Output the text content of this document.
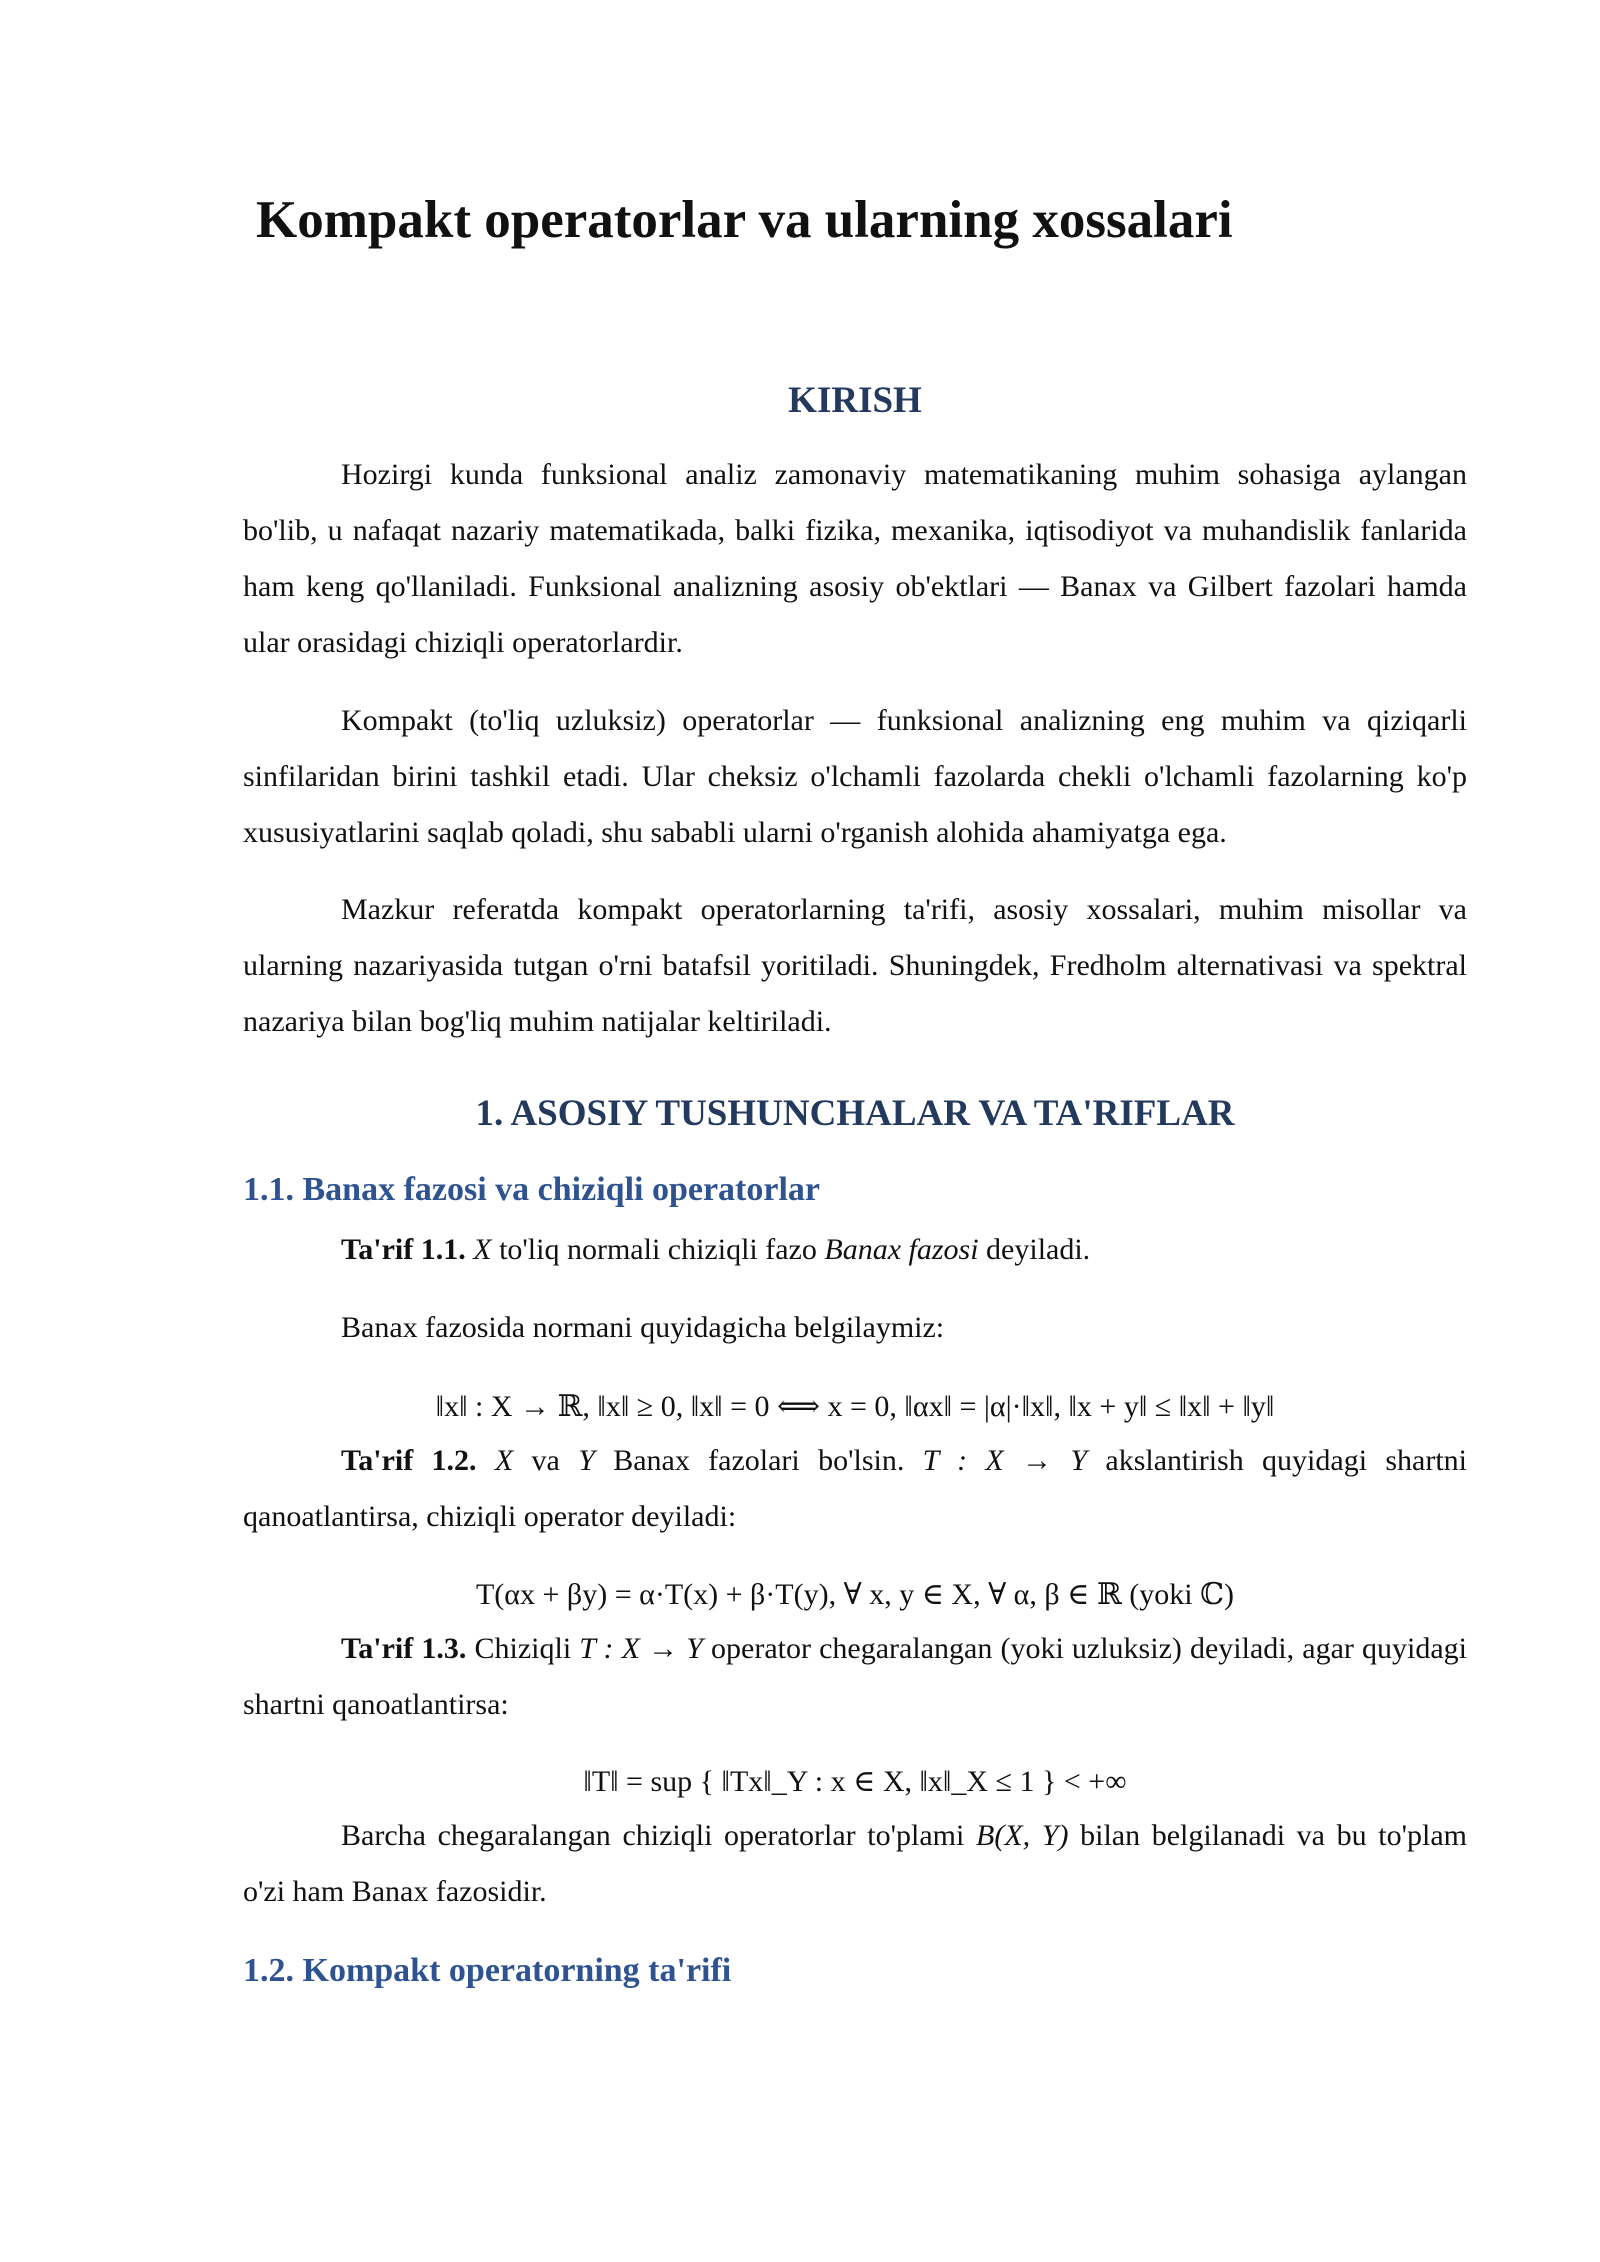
Kompakt operatorlar va ularning xossalari
KIRISH

Hozirgi kunda funksional analiz zamonaviy matematikaning muhim sohasiga aylangan bo'lib, u nafaqat nazariy matematikada, balki fizika, mexanika, iqtisodiyot va muhandislik fanlarida ham keng qo'llaniladi. Funksional analizning asosiy ob'ektlari — Banax va Gilbert fazolari hamda ular orasidagi chiziqli operatorlardir.

Kompakt (to'liq uzluksiz) operatorlar — funksional analizning eng muhim va qiziqarli sinfilaridan birini tashkil etadi. Ular cheksiz o'lchamli fazolarda chekli o'lchamli fazolarning ko'p xususiyatlarini saqlab qoladi, shu sababli ularni o'rganish alohida ahamiyatga ega.

Mazkur referatda kompakt operatorlarning ta'rifi, asosiy xossalari, muhim misollar va ularning nazariyasida tutgan o'rni batafsil yoritiladi. Shuningdek, Fredholm alternativasi va spektral nazariya bilan bog'liq muhim natijalar keltiriladi.

1. ASOSIY TUSHUNCHALAR VA TA'RIFLAR
1.1. Banax fazosi va chiziqli operatorlar

Ta'rif 1.1. X to'liq normali chiziqli fazo Banax fazosi deyiladi.

Banax fazosida normani quyidagicha belgilaymiz:

‖x‖ : X → ℝ, ‖x‖ ≥ 0, ‖x‖ = 0 ⟺ x = 0, ‖αx‖ = |α|·‖x‖, ‖x + y‖ ≤ ‖x‖ + ‖y‖

Ta'rif 1.2. X va Y Banax fazolari bo'lsin. T : X → Y akslantirish quyidagi shartni qanoatlantirsa, chiziqli operator deyiladi:

T(αx + βy) = α·T(x) + β·T(y), ∀ x, y ∈ X, ∀ α, β ∈ ℝ (yoki ℂ)

Ta'rif 1.3. Chiziqli T : X → Y operator chegaralangan (yoki uzluksiz) deyiladi, agar quyidagi shartni qanoatlantirsa:

‖T‖ = sup { ‖Tx‖_Y : x ∈ X, ‖x‖_X ≤ 1 } < +∞

Barcha chegaralangan chiziqli operatorlar to'plami B(X, Y) bilan belgilanadi va bu to'plam o'zi ham Banax fazosidir.

1.2. Kompakt operatorning ta'rifi
